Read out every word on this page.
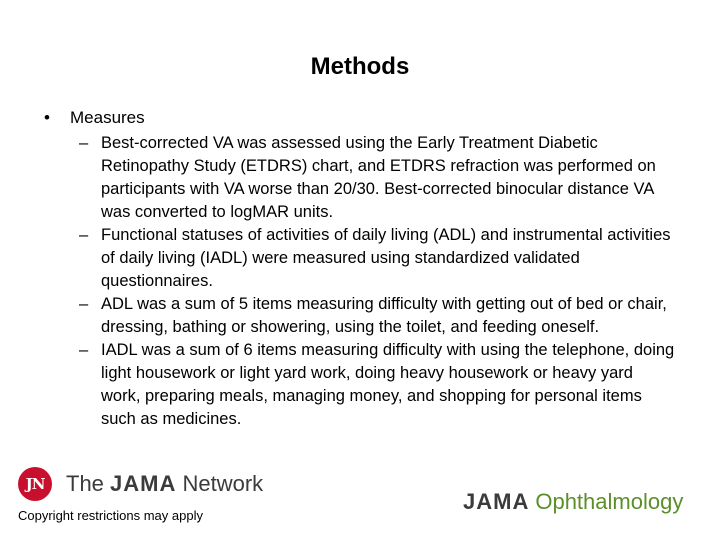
Methods
• Measures
– Best-corrected VA was assessed using the Early Treatment Diabetic Retinopathy Study (ETDRS) chart, and ETDRS refraction was performed on participants with VA worse than 20/30. Best-corrected binocular distance VA was converted to logMAR units.
– Functional statuses of activities of daily living (ADL) and instrumental activities of daily living (IADL) were measured using standardized validated questionnaires.
– ADL was a sum of 5 items measuring difficulty with getting out of bed or chair, dressing, bathing or showering, using the toilet, and feeding oneself.
– IADL was a sum of 6 items measuring difficulty with using the telephone, doing light housework or light yard work, doing heavy housework or heavy yard work, preparing meals, managing money, and shopping for personal items such as medicines.
JN The JAMA Network
Copyright restrictions may apply
JAMA Ophthalmology
